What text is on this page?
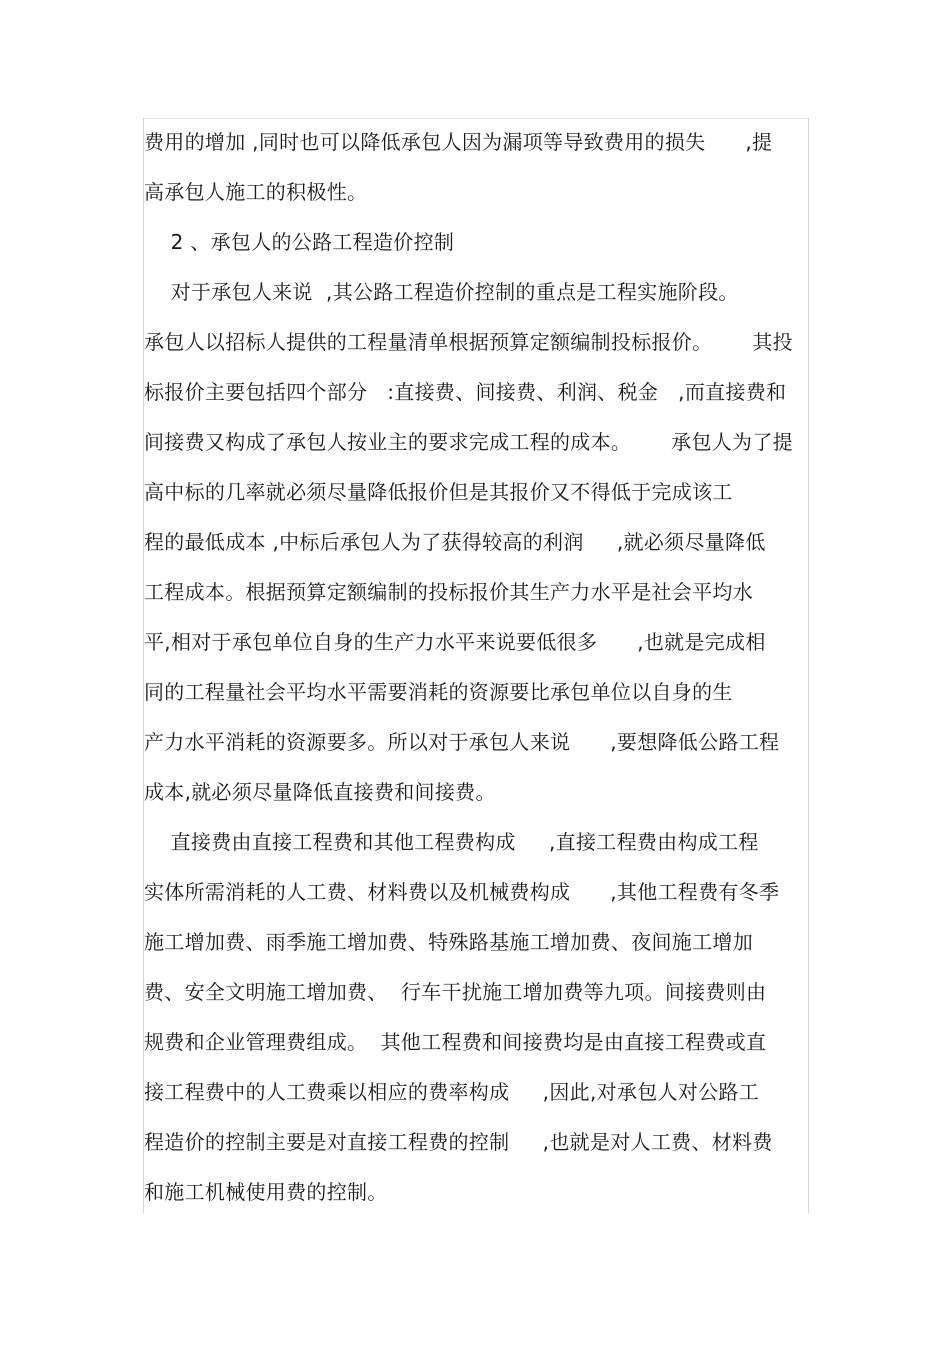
费用的增加 ,同时也可以降低承包人因为漏项等导致费用的损失      ,提
高承包人施工的积极性。
2 、承包人的公路工程造价控制
对于承包人来说  ,其公路工程造价控制的重点是工程实施阶段。
承包人以招标人提供的工程量清单根据预算定额编制投标报价。      其投
标报价主要包括四个部分   :直接费、间接费、利润、税金   ,而直接费和
间接费又构成了承包人按业主的要求完成工程的成本。      承包人为了提
高中标的几率就必须尽量降低报价但是其报价又不得低于完成该工
程的最低成本 ,中标后承包人为了获得较高的利润     ,就必须尽量降低
工程成本。根据预算定额编制的投标报价其生产力水平是社会平均水
平,相对于承包单位自身的生产力水平来说要低很多      ,也就是完成相
同的工程量社会平均水平需要消耗的资源要比承包单位以自身的生
产力水平消耗的资源要多。所以对于承包人来说      ,要想降低公路工程
成本,就必须尽量降低直接费和间接费。
直接费由直接工程费和其他工程费构成     ,直接工程费由构成工程
实体所需消耗的人工费、材料费以及机械费构成      ,其他工程费有冬季
施工增加费、雨季施工增加费、特殊路基施工增加费、夜间施工增加
费、安全文明施工增加费、  行车干扰施工增加费等九项。间接费则由
规费和企业管理费组成。  其他工程费和间接费均是由直接工程费或直
接工程费中的人工费乘以相应的费率构成     ,因此,对承包人对公路工
程造价的控制主要是对直接工程费的控制     ,也就是对人工费、材料费
和施工机械使用费的控制。
